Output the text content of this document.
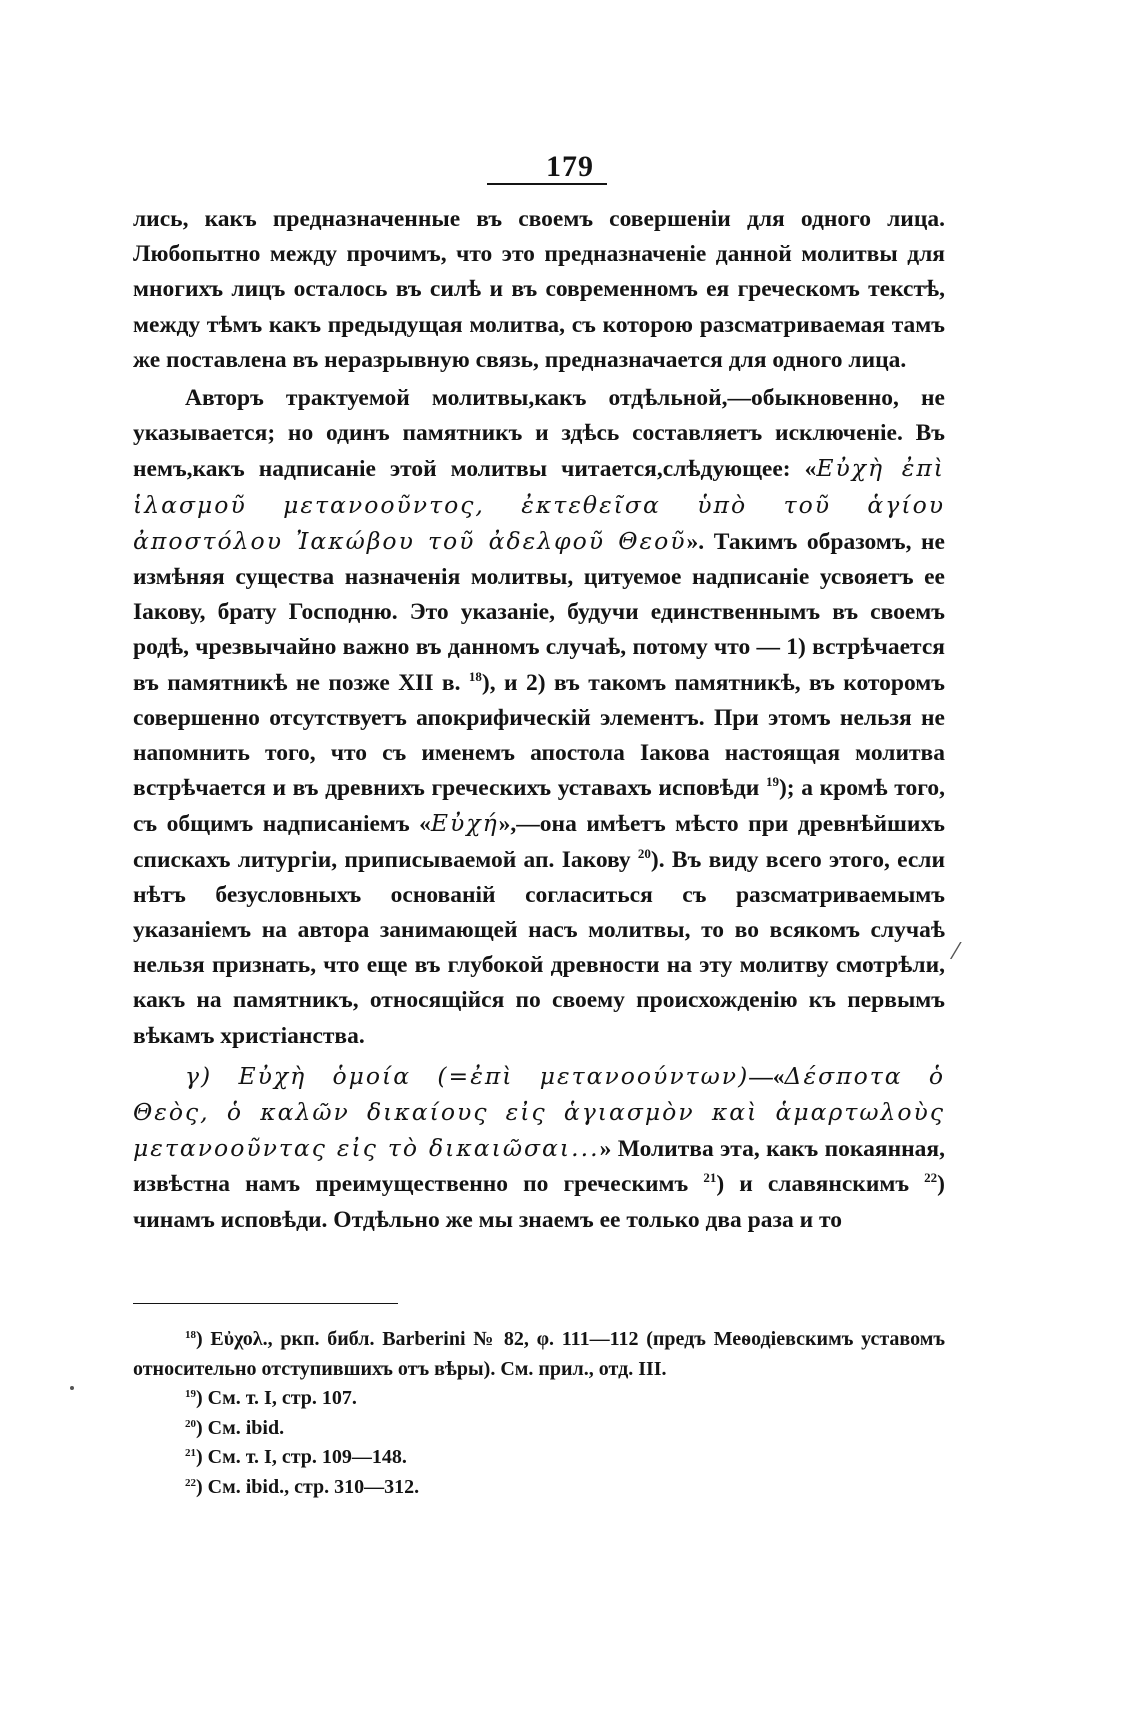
179

лись, какъ предназначенные въ своемъ совершеніи для одного лица. Любопытно между прочимъ, что это предназначеніе данной молитвы для многихъ лицъ осталось въ силѣ и въ современномъ ея греческомъ текстѣ, между тѣмъ какъ предыдущая молитва, съ которою разсматриваемая тамъ же поставлена въ неразрывную связь, предназначается для одного лица.

Авторъ трактуемой молитвы,какъ отдѣльной,—обыкновенно, не указывается; но одинъ памятникъ и здѣсь составляетъ исключеніе. Въ немъ,какъ надписаніе этой молитвы читается,слѣдующее: «Εὐχὴ ἐπὶ ἱλασμοῦ μετανοοῦντος, ἐκτεθεῖσα ὑπὸ τοῦ ἁγίου ἀποστόλου Ἰακώβου τοῦ ἀδελφοῦ Θεοῦ». Такимъ образомъ, не измѣняя существа назначенія молитвы, цитуемое надписаніе усвояетъ ее Іакову, брату Господню. Это указаніе, будучи единственнымъ въ своемъ родѣ, чрезвычайно важно въ данномъ случаѣ, потому что — 1) встрѣчается въ памятникѣ не позже XII в. $^{18}$), и 2) въ такомъ памятникѣ, въ которомъ совершенно отсутствуетъ апокрифическій элементъ. При этомъ нельзя не напомнить того, что съ именемъ апостола Іакова настоящая молитва встрѣчается и въ древнихъ греческихъ уставахъ исповѣди $^{19}$); а кромѣ того, съ общимъ надписаніемъ «Εὐχή»,—она имѣетъ мѣсто при древнѣйшихъ спискахъ литургіи, приписываемой ап. Іакову $^{20}$). Въ виду всего этого, если нѣтъ безусловныхъ основаній согласиться съ разсматриваемымъ указаніемъ на автора занимающей насъ молитвы, то во всякомъ случаѣ нельзя признать, что еще въ глубокой древности на эту молитву смотрѣли, какъ на памятникъ, относящійся по своему происхожденію къ первымъ вѣкамъ христіанства.

γ) Εὐχὴ ὁμοία (=ἐπὶ μετανοούντων)—«Δέσποτα ὁ Θεὸς, ὁ καλῶν δικαίους εἰς ἁγιασμὸν καὶ ἁμαρτωλοὺς μετανοοῦντας εἰς τὸ δικαιῶσαι...» Молитва эта, какъ покаянная, извѣстна намъ преимущественно по греческимъ $^{21}$) и славянскимъ $^{22}$) чинамъ исповѣди. Отдѣльно же мы знаемъ ее только два раза и то

⁄

$^{18}$) Εὐχολ., ркп. библ. Barberini № 82, φ. 111—112 (предъ Меѳодіевскимъ уставомъ относительно отступившихъ отъ вѣры). См. прил., отд. III.

$^{19}$) См. т. I, стр. 107.

$^{20}$) См. ibid.

$^{21}$) См. т. I, стр. 109—148.

$^{22}$) См. ibid., стр. 310—312.
